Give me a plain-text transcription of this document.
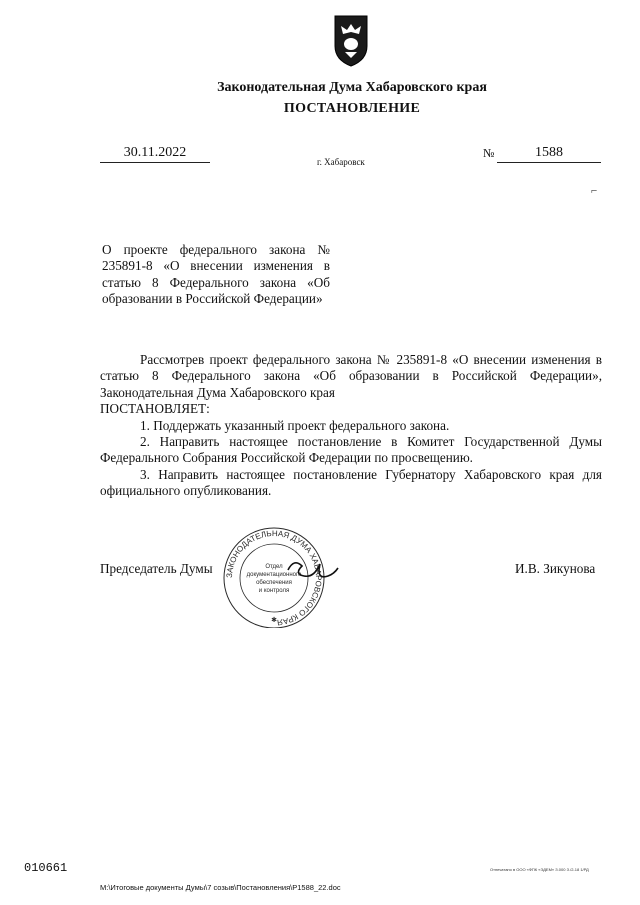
Законодательная Дума Хабаровского края
ПОСТАНОВЛЕНИЕ
30.11.2022
г. Хабаровск
№	1588
⌐
О проекте федерального закона № 235891-8 «О внесении изменения в статью 8 Федерального закона «Об образовании в Российской Федерации»

Рассмотрев проект федерального закона № 235891-8 «О внесении изменения в статью 8 Федерального закона «Об образовании в Российской Федерации», Законодательная Дума Хабаровского края

ПОСТАНОВЛЯЕТ:

1. Поддержать указанный проект федерального закона.

2. Направить настоящее постановление в Комитет Государственной Думы Федерального Собрания Российской Федерации по просвещению.

3. Направить настоящее постановление Губернатору Хабаровского края для официального опубликования.

Председатель Думы	И.В. Зикунова
ЗАКОНОДАТЕЛЬНАЯ ДУМА ХАБАРОВСКОГО КРАЯ
Отдел
документационного
обеспечения
и контроля
✱
010661
M:\Итоговые документы Думы\7 созыв\Постановления\P1588_22.doc
Отпечатано в ООО «ФПК «ЭДЕМ» З.000 З./2-18 1/РД
